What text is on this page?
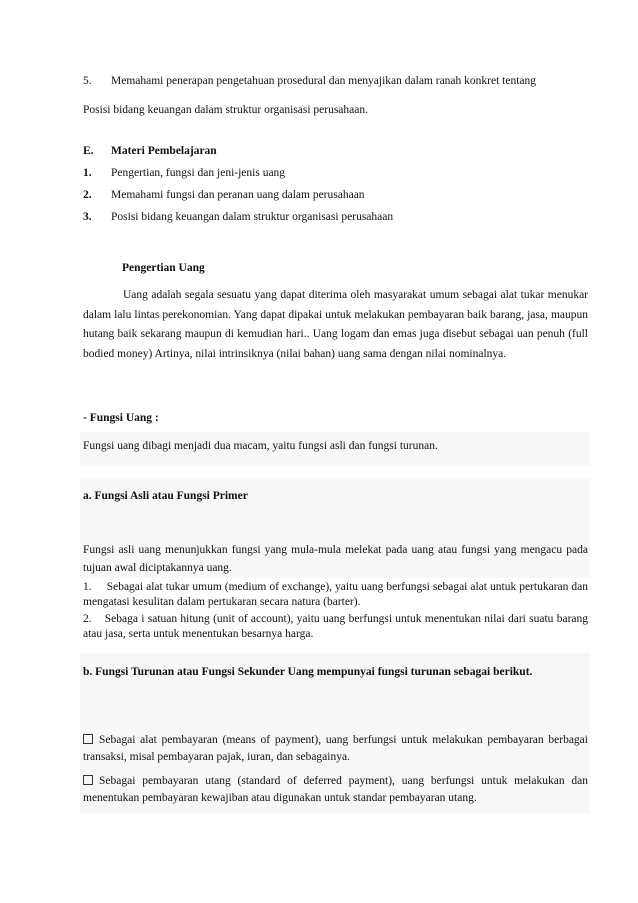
5.	Memahami penerapan pengetahuan prosedural dan menyajikan dalam ranah konkret tentang
Posisi bidang keuangan dalam struktur organisasi perusahaan.
E.	Materi Pembelajaran
1.	Pengertian, fungsi dan jeni-jenis uang
2.	Memahami fungsi dan peranan uang dalam perusahaan
3.	Posisi bidang keuangan dalam struktur organisasi perusahaan
Pengertian Uang
Uang adalah segala sesuatu yang dapat diterima oleh masyarakat umum sebagai alat tukar menukar dalam lalu lintas perekonomian. Yang dapat dipakai untuk melakukan pembayaran baik barang, jasa, maupun hutang baik sekarang maupun di kemudian hari.. Uang logam dan emas juga disebut sebagai uan penuh (full bodied money) Artinya, nilai intrinsiknya (nilai bahan) uang sama dengan nilai nominalnya.
- Fungsi Uang :
Fungsi uang dibagi menjadi dua macam, yaitu fungsi asli dan fungsi turunan.
a. Fungsi Asli atau Fungsi Primer
Fungsi asli uang menunjukkan fungsi yang mula-mula melekat pada uang atau fungsi yang mengacu pada tujuan awal diciptakannya uang.
1. Sebagai alat tukar umum (medium of exchange), yaitu uang berfungsi sebagai alat untuk pertukaran dan mengatasi kesulitan dalam pertukaran secara natura (barter).
2. Sebaga i satuan hitung (unit of account), yaitu uang berfungsi untuk menentukan nilai dari suatu barang atau jasa, serta untuk menentukan besarnya harga.
b. Fungsi Turunan atau Fungsi Sekunder Uang mempunyai fungsi turunan sebagai berikut.
Sebagai alat pembayaran (means of payment), uang berfungsi untuk melakukan pembayaran berbagai transaksi, misal pembayaran pajak, iuran, dan sebagainya.
Sebagai pembayaran utang (standard of deferred payment), uang berfungsi untuk melakukan dan menentukan pembayaran kewajiban atau digunakan untuk standar pembayaran utang.
